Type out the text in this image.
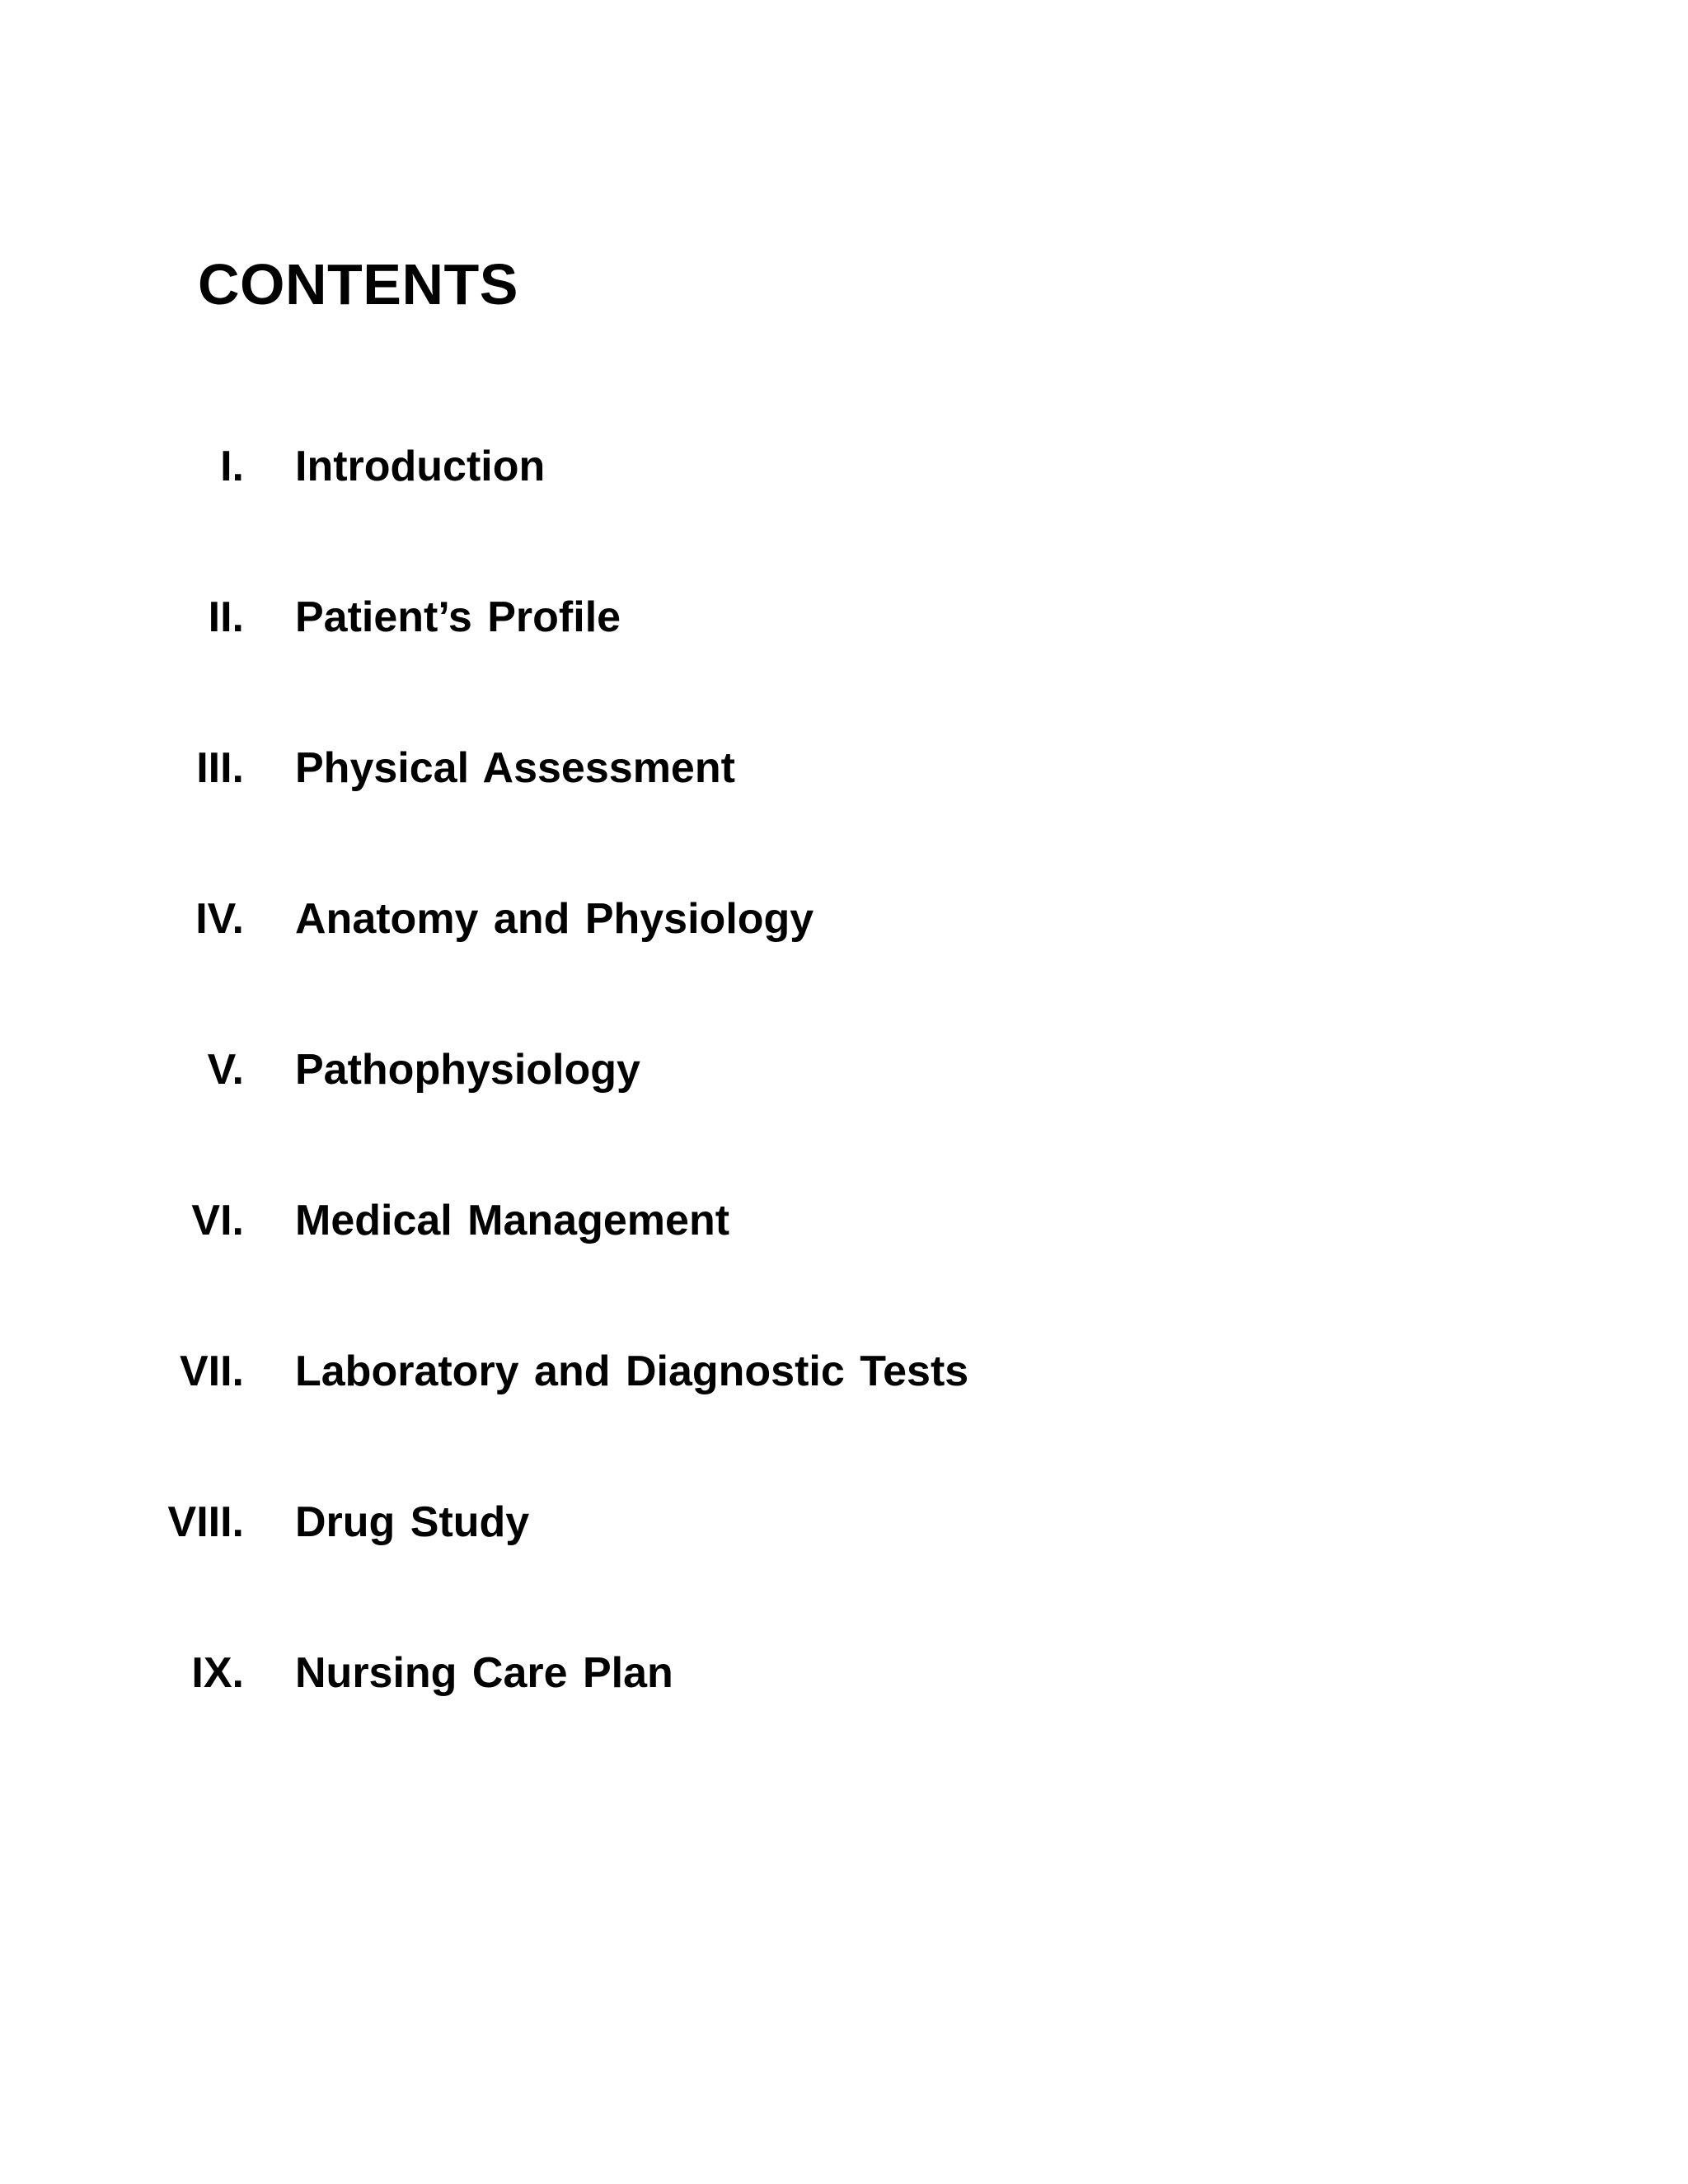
CONTENTS
I. Introduction
II. Patient’s Profile
III. Physical Assessment
IV. Anatomy and Physiology
V. Pathophysiology
VI. Medical Management
VII. Laboratory and Diagnostic Tests
VIII. Drug Study
IX. Nursing Care Plan
